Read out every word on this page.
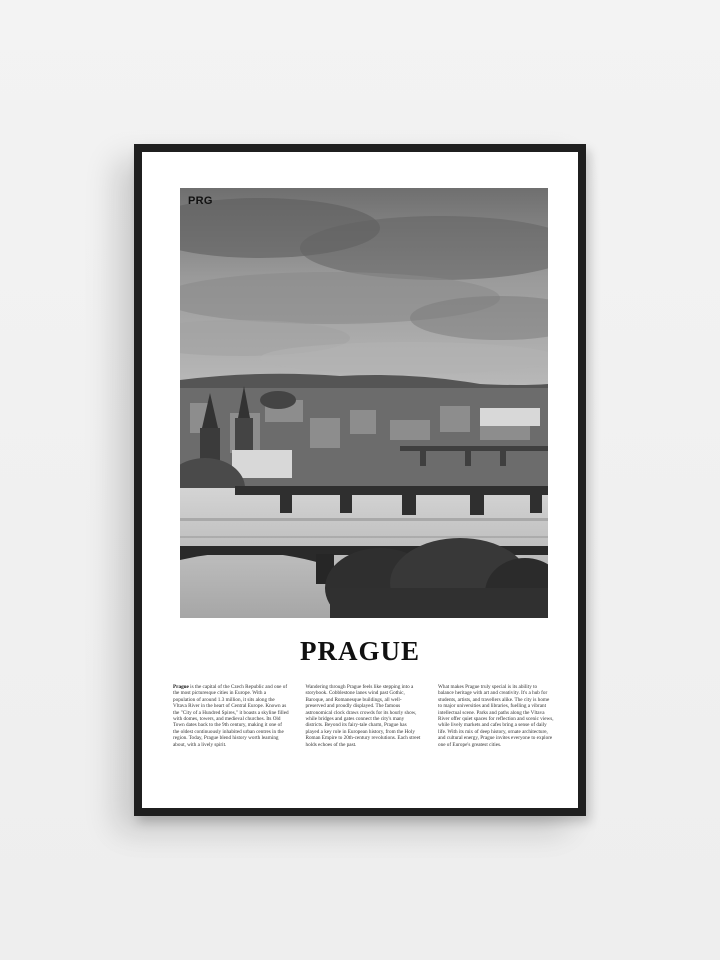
PRG
PRAGUE
Prague is the capital of the Czech Republic and one of the most picturesque cities in Europe. With a population of around 1.3 million, it sits along the Vltava River in the heart of Central Europe. Known as the "City of a Hundred Spires," it boasts a skyline filled with domes, towers, and medieval churches. Its Old Town dates back to the 9th century, making it one of the oldest continuously inhabited urban centres in the region. Today, Prague blend history worth learning about, with a lively spirit.
Wandering through Prague feels like stepping into a storybook. Cobblestone lanes wind past Gothic, Baroque, and Romanesque buildings, all well-preserved and proudly displayed. The famous astronomical clock draws crowds for its hourly show, while bridges and gates connect the city's many districts. Beyond its fairy-tale charm, Prague has played a key role in European history, from the Holy Roman Empire to 20th-century revolutions. Each street holds echoes of the past.
What makes Prague truly special is its ability to balance heritage with art and creativity. It's a hub for students, artists, and travellers alike. The city is home to major universities and libraries, fuelling a vibrant intellectual scene. Parks and paths along the Vltava River offer quiet spaces for reflection and scenic views, while lively markets and cafes bring a sense of daily life. With its mix of deep history, ornate architecture, and cultural energy, Prague invites everyone to explore one of Europe's greatest cities.
